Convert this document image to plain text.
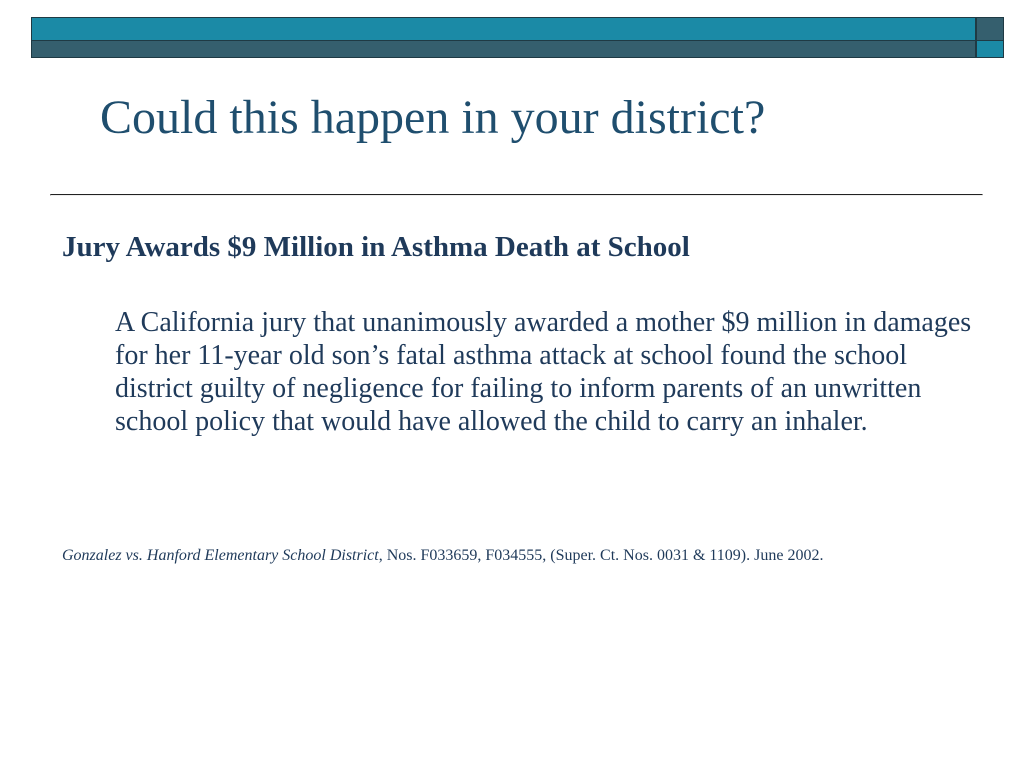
Could this happen in your district?
Jury Awards $9 Million in Asthma Death at School

A California jury that unanimously awarded a mother $9 million in damages for her 11-year old son’s fatal asthma attack at school found the school district guilty of negligence for failing to inform parents of an unwritten school policy that would have allowed the child to carry an inhaler.

Gonzalez vs. Hanford Elementary School District, Nos. F033659, F034555, (Super. Ct. Nos. 0031 & 1109). June 2002.
